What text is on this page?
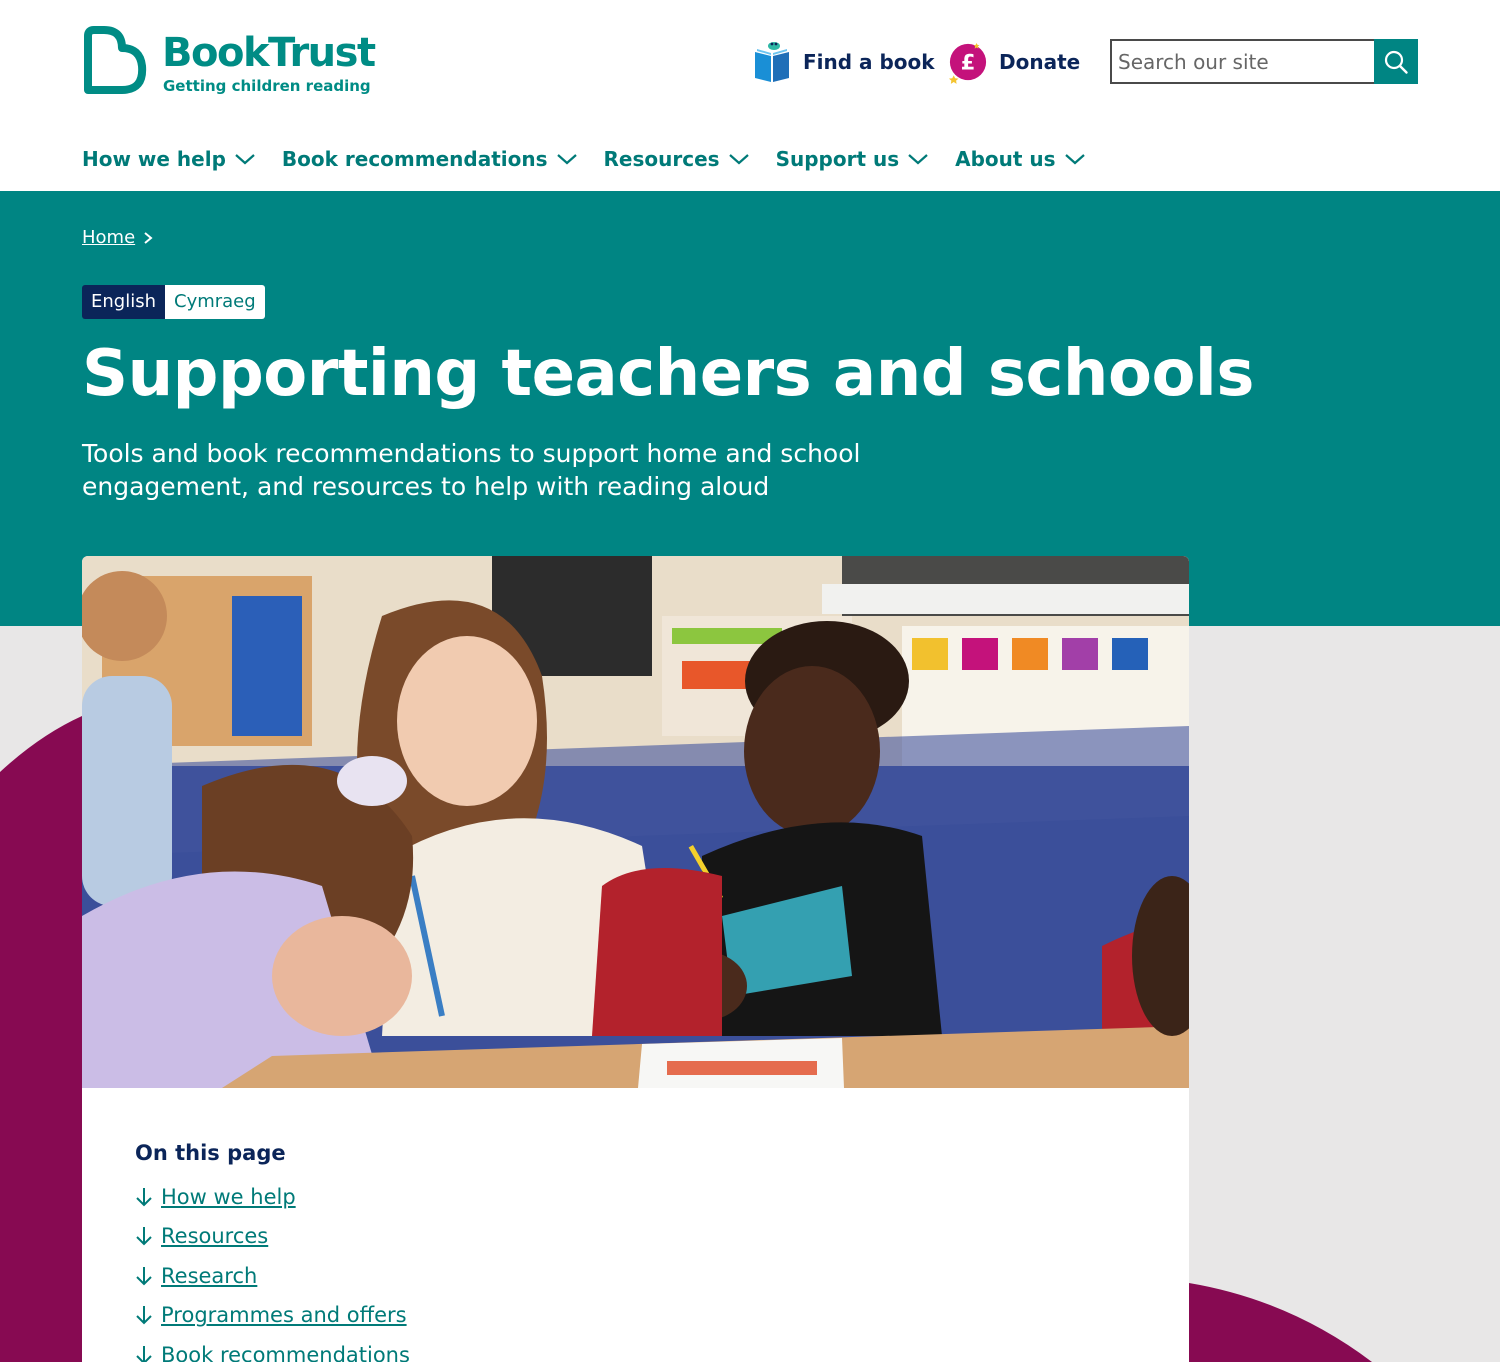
BookTrust
Getting children reading
Find a book £ Donate
Search our site
How we help	Book recommendations	Resources	Support us	About us
Home
English	Cymraeg
Supporting teachers and schools

Tools and book recommendations to support home and school engagement, and resources to help with reading aloud

On this page
How we help
Resources
Research
Programmes and offers
Book recommendations
